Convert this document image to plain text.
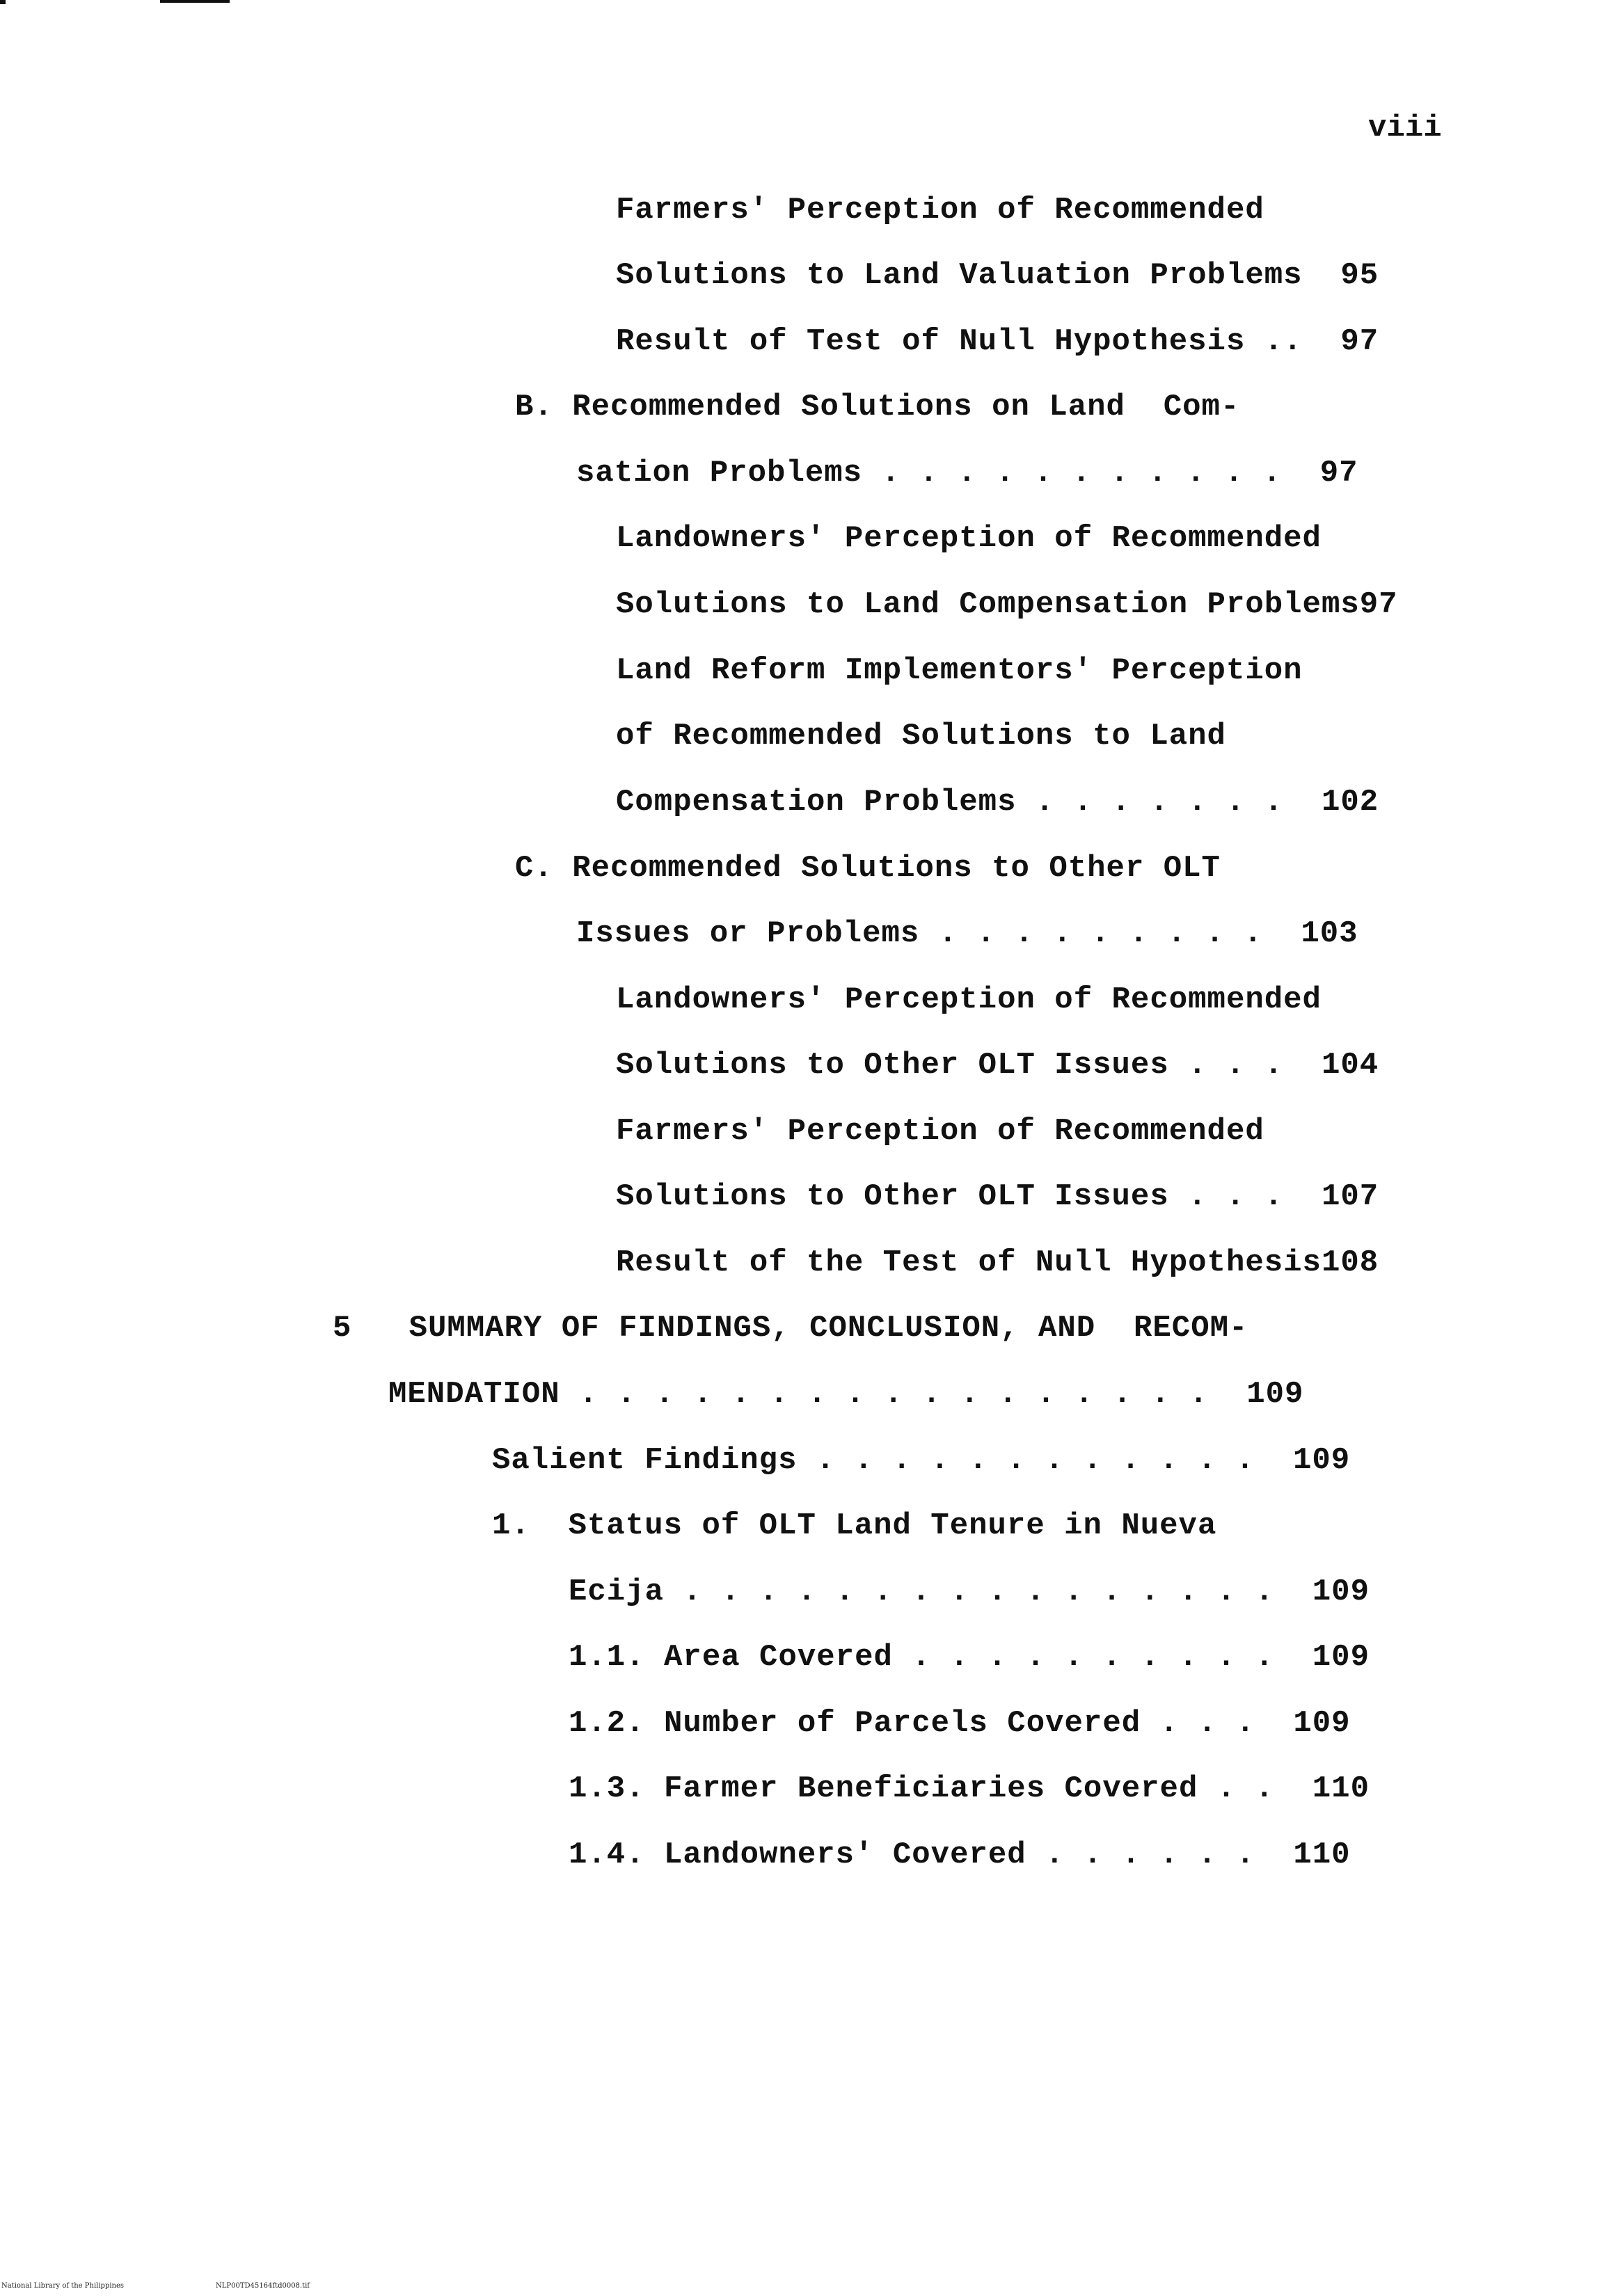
viii
Farmers' Perception of Recommended
Solutions to Land Valuation Problems  95
Result of Test of Null Hypothesis ..  97
B. Recommended Solutions on Land  Com-
sation Problems . . . . . . . . . . .  97
Landowners' Perception of Recommended
Solutions to Land Compensation Problems97
Land Reform Implementors' Perception
of Recommended Solutions to Land
Compensation Problems . . . . . . .  102
C. Recommended Solutions to Other OLT
Issues or Problems . . . . . . . . .  103
Landowners' Perception of Recommended
Solutions to Other OLT Issues . . .  104
Farmers' Perception of Recommended
Solutions to Other OLT Issues . . .  107
Result of the Test of Null Hypothesis108
5   SUMMARY OF FINDINGS, CONCLUSION, AND  RECOM-
MENDATION . . . . . . . . . . . . . . . . .  109
Salient Findings . . . . . . . . . . . .  109
1.  Status of OLT Land Tenure in Nueva
Ecija . . . . . . . . . . . . . . . .  109
1.1. Area Covered . . . . . . . . . .  109
1.2. Number of Parcels Covered . . .  109
1.3. Farmer Beneficiaries Covered . .  110
1.4. Landowners' Covered . . . . . .  110
National Library of the Philippines	NLP00TD45164ftd0008.tif
